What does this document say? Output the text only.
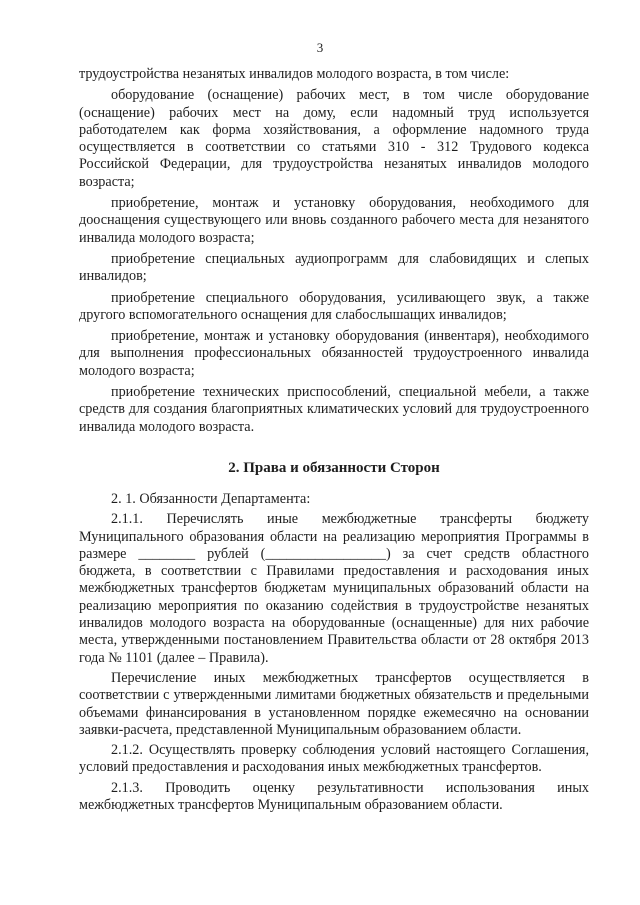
3

трудоустройства незанятых инвалидов молодого возраста, в том числе:

оборудование (оснащение) рабочих мест, в том числе оборудование (оснащение) рабочих мест на дому, если надомный труд используется работодателем как форма хозяйствования, а оформление надомного труда осуществляется в соответствии со статьями 310 - 312 Трудового кодекса Российской Федерации, для трудоустройства незанятых инвалидов молодого возраста;

приобретение, монтаж и установку оборудования, необходимого для дооснащения существующего или вновь созданного рабочего места для незанятого инвалида молодого возраста;

приобретение специальных аудиопрограмм для слабовидящих и слепых инвалидов;

приобретение специального оборудования, усиливающего звук, а также другого вспомогательного оснащения для слабослышащих инвалидов;

приобретение, монтаж и установку оборудования (инвентаря), необходимого для выполнения профессиональных обязанностей трудоустроенного инвалида молодого возраста;

приобретение технических приспособлений, специальной мебели, а также средств для создания благоприятных климатических условий для трудоустроенного инвалида молодого возраста.

2. Права и обязанности Сторон

2. 1. Обязанности Департамента:

2.1.1. Перечислять иные межбюджетные трансферты бюджету Муниципального образования области на реализацию мероприятия Программы в размере ________ рублей (_________________) за счет средств областного бюджета, в соответствии с Правилами предоставления и расходования иных межбюджетных трансфертов бюджетам муниципальных образований области на реализацию мероприятия по оказанию содействия в трудоустройстве незанятых инвалидов молодого возраста на оборудованные (оснащенные) для них рабочие места, утвержденными постановлением Правительства области от 28 октября 2013 года № 1101 (далее – Правила).

Перечисление иных межбюджетных трансфертов осуществляется в соответствии с утвержденными лимитами бюджетных обязательств и предельными объемами финансирования в установленном порядке ежемесячно на основании заявки-расчета, представленной Муниципальным образованием области.

2.1.2. Осуществлять проверку соблюдения условий настоящего Соглашения, условий предоставления и расходования иных межбюджетных трансфертов.

2.1.3. Проводить оценку результативности использования иных межбюджетных трансфертов Муниципальным образованием области.
